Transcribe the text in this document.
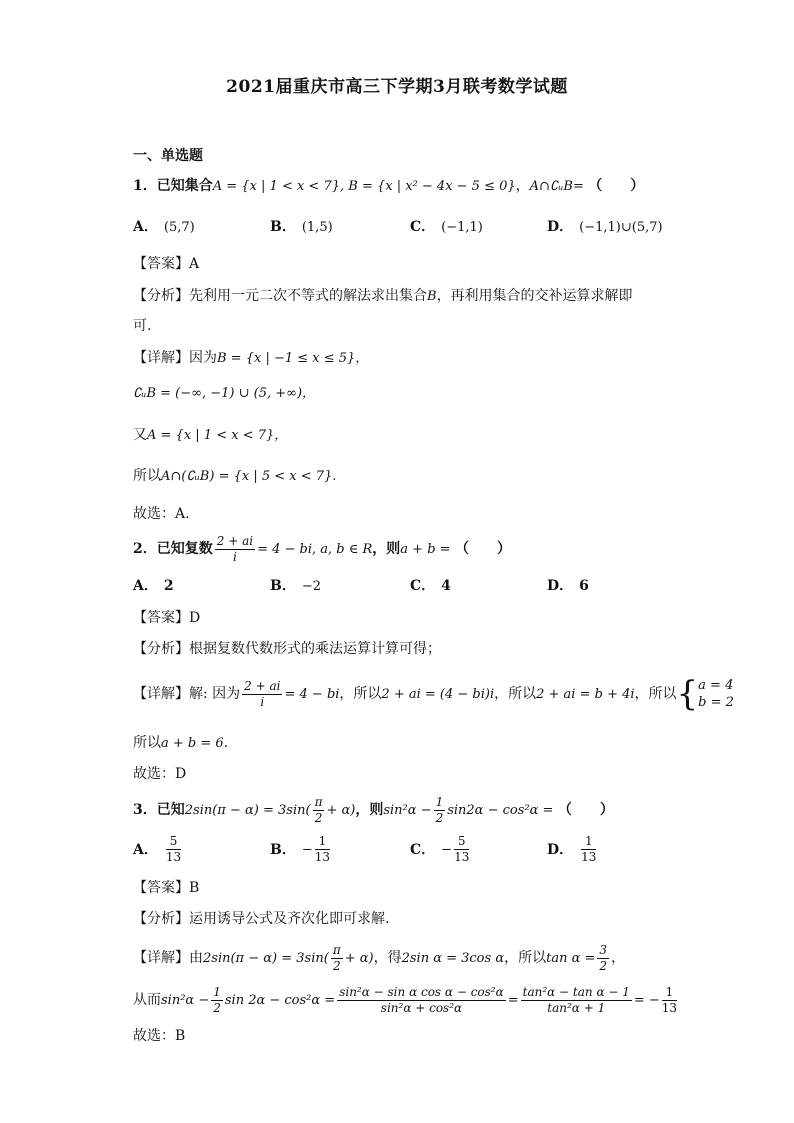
2021届重庆市高三下学期3月联考数学试题
一、单选题
1．已知集合A = {x | 1 < x < 7}, B = {x | x² − 4x − 5 ≤ 0}，A∩∁ᵤB= （　　）
A． (5,7)	B． (1,5)	C． (−1,1)	D． (−1,1)∪(5,7)
【答案】A
【分析】先利用一元二次不等式的解法求出集合B，再利用集合的交补运算求解即
可.
【详解】因为B = {x | −1 ≤ x ≤ 5}，
∁ᵤB = (−∞, −1) ∪ (5, +∞)，
又A = {x | 1 < x < 7}，
所以A∩(∁ᵤB) = {x | 5 < x < 7}.
故选：A.
2．已知复数 $\frac{2 + ai}{i} = 4$ − bi, a, b ∈ R，则a + b = （　　）
A． 2	B． −2	C． 4	D． 6
【答案】D
【分析】根据复数代数形式的乘法运算计算可得；
【详解】解: 因为 $\frac{2 + ai}{i} = 4$ − bi，所以2 + ai = (4 − bi)i，所以2 + ai = b + 4i，所以{ a = 4
b = 2
所以a + b = 6.
故选：D
3．已知$2\sin(\pi - \alpha) = 3\sin( \frac{\pi}{2} + \alpha)$，则$\sin^2\alpha - \frac{1}{2} \sin 2\alpha - \cos^2\alpha$ = （　　）
A． $\frac{5}{13}$	B． − $\frac{1}{13}$	C． − $\frac{5}{13}$	D． $\frac{1}{13}$
【答案】B
【分析】运用诱导公式及齐次化即可求解.
【详解】由$2\sin(\pi - \alpha) = 3\sin( \frac{\pi}{2} + \alpha)$，得2sin α = 3cos α，所以$\tan \alpha = \frac{3}{2}$ ，
从而$\sin^2\alpha - \frac{1}{2}$ $\sin 2\alpha - \cos^2\alpha = \frac{\text{sin²α − sin α cos α − cos²α}}{\text{sin²α + cos²α}} = \frac{\text{tan²α − tan α − 1}}{\text{tan²α + 1}}$ = − $\frac{1}{13}$
故选：B
